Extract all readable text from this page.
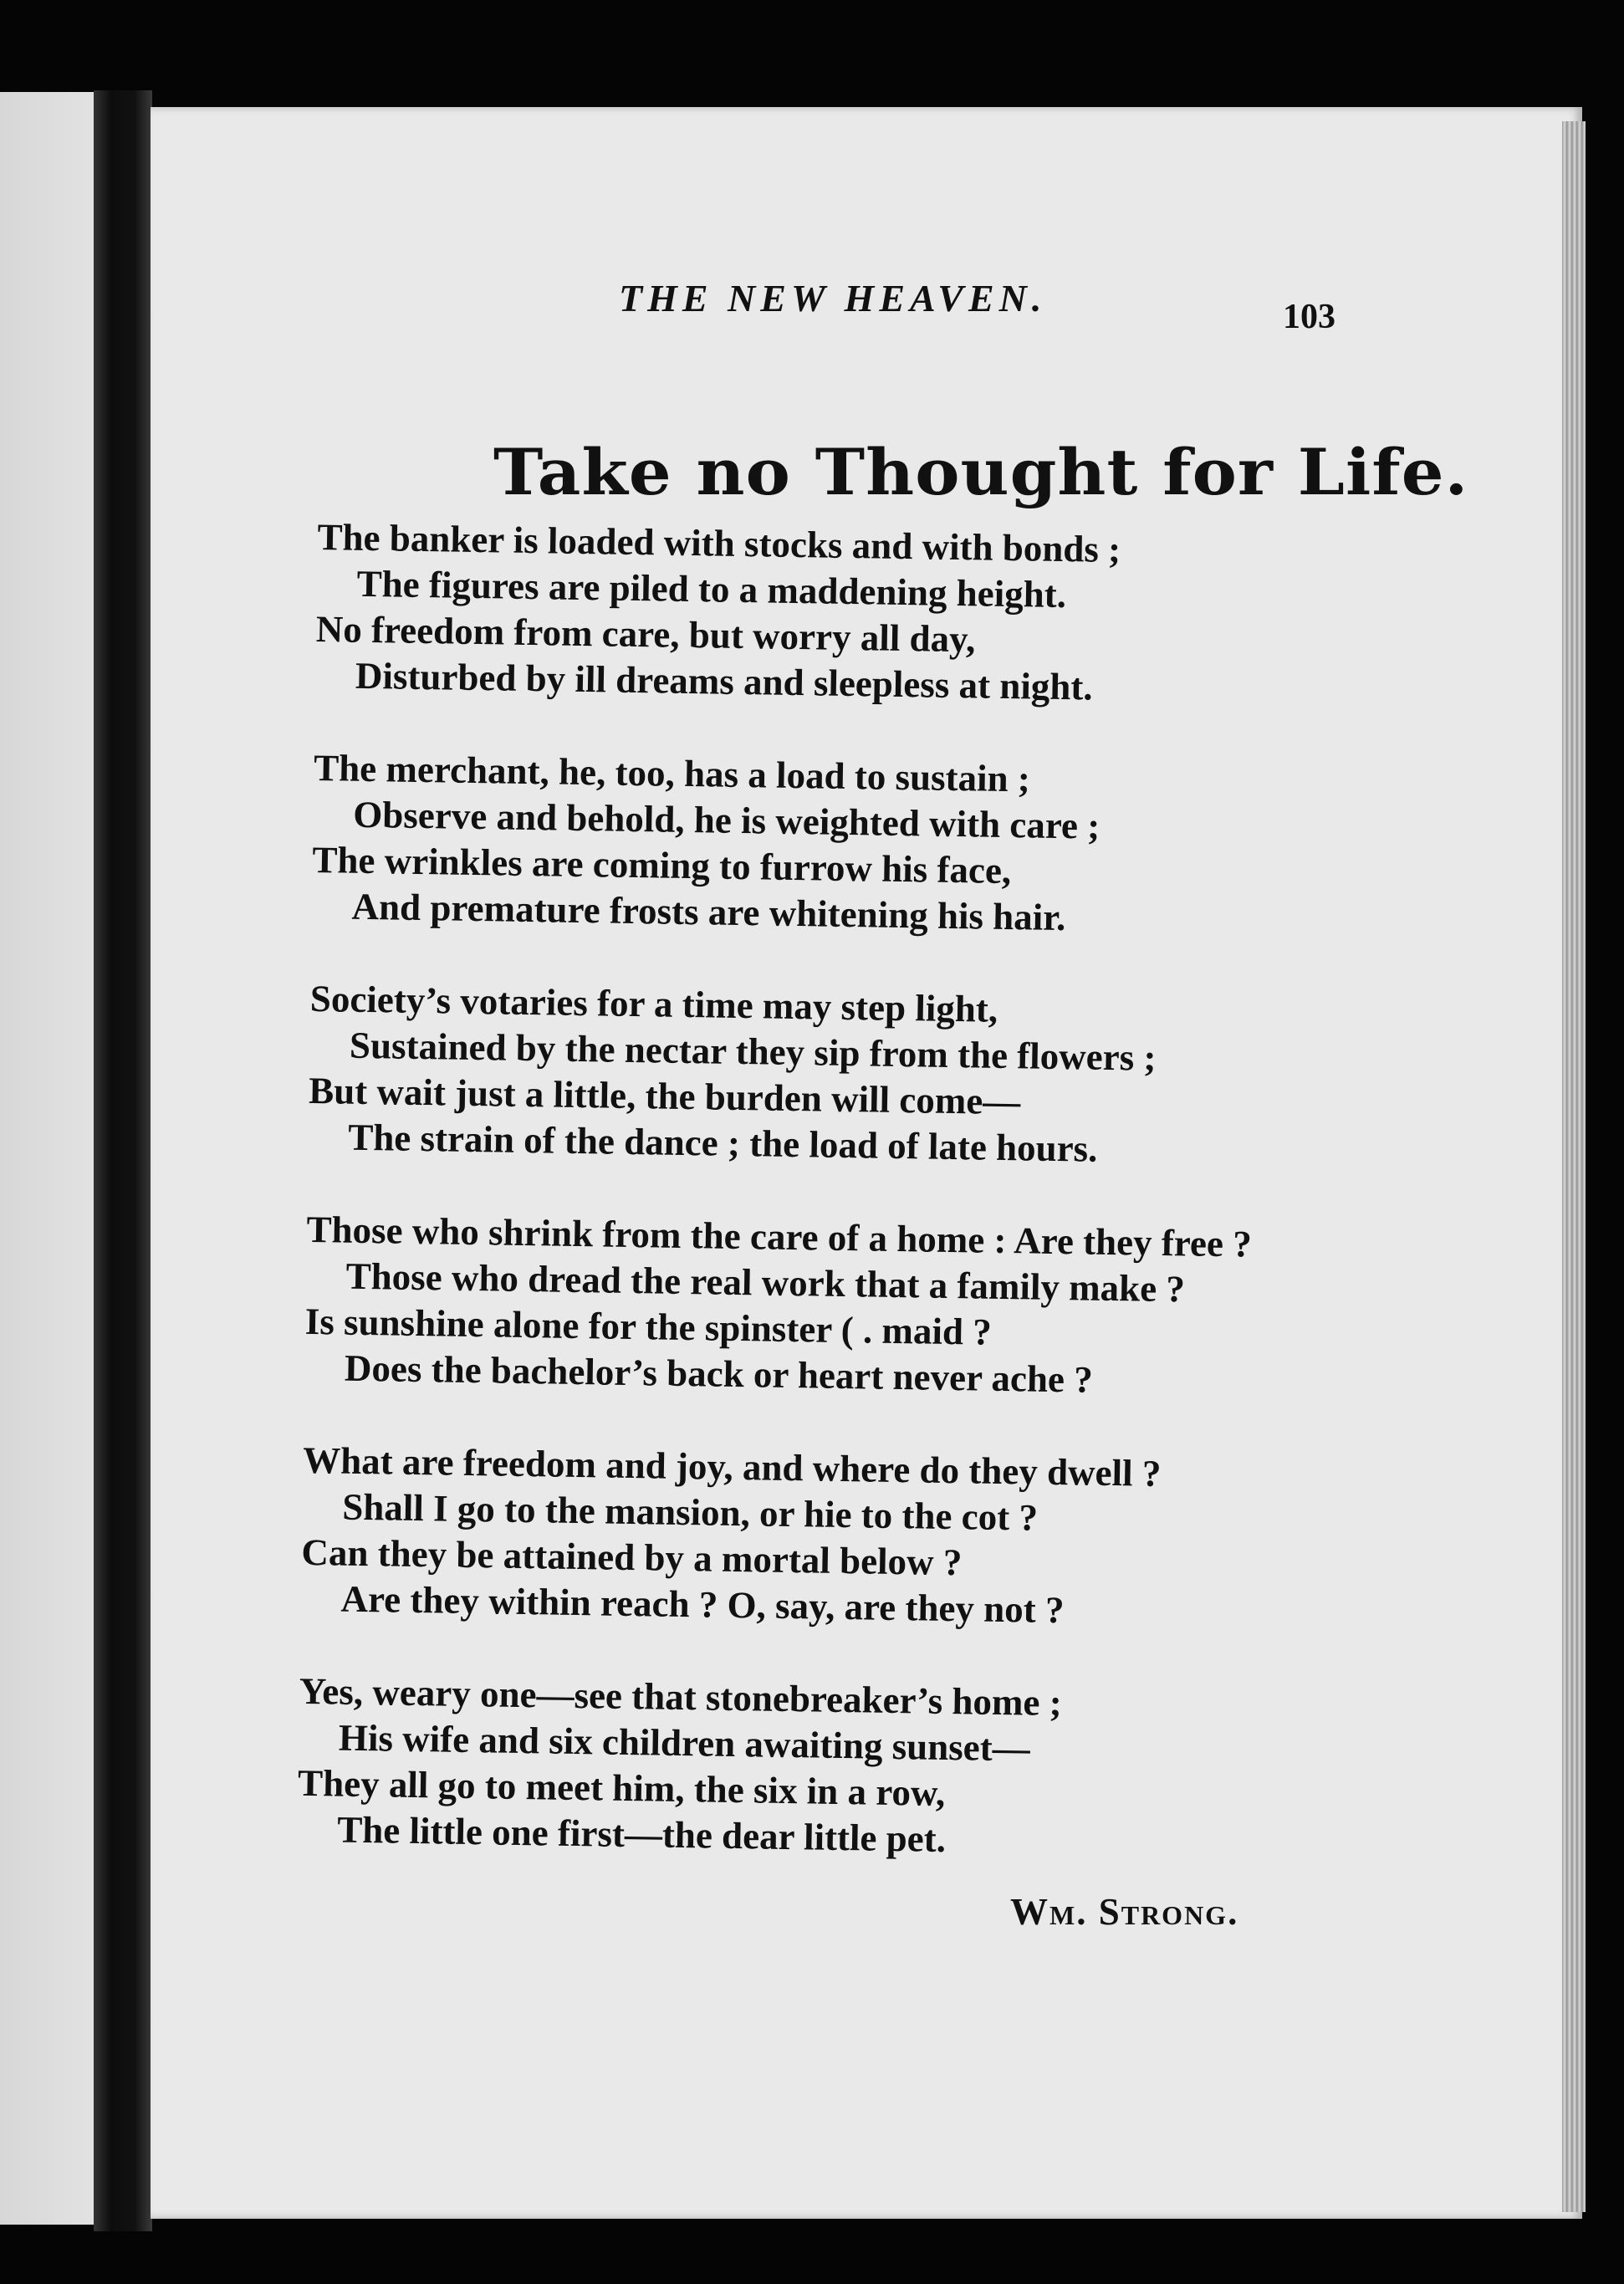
THE NEW HEAVEN.	103
Take no Thought for Life.
The banker is loaded with stocks and with bonds ;
The figures are piled to a maddening height.
No freedom from care, but worry all day,
Disturbed by ill dreams and sleepless at night.
The merchant, he, too, has a load to sustain ;
Observe and behold, he is weighted with care ;
The wrinkles are coming to furrow his face,
And premature frosts are whitening his hair.
Society’s votaries for a time may step light,
Sustained by the nectar they sip from the flowers ;
But wait just a little, the burden will come—
The strain of the dance ; the load of late hours.
Those who shrink from the care of a home : Are they free ?
Those who dread the real work that a family make ?
Is sunshine alone for the spinster ( . maid ?
Does the bachelor’s back or heart never ache ?
What are freedom and joy, and where do they dwell ?
Shall I go to the mansion, or hie to the cot ?
Can they be attained by a mortal below ?
Are they within reach ? O, say, are they not ?
Yes, weary one—see that stonebreaker’s home ;
His wife and six children awaiting sunset—
They all go to meet him, the six in a row,
The little one first—the dear little pet.
Wm. Strong.
